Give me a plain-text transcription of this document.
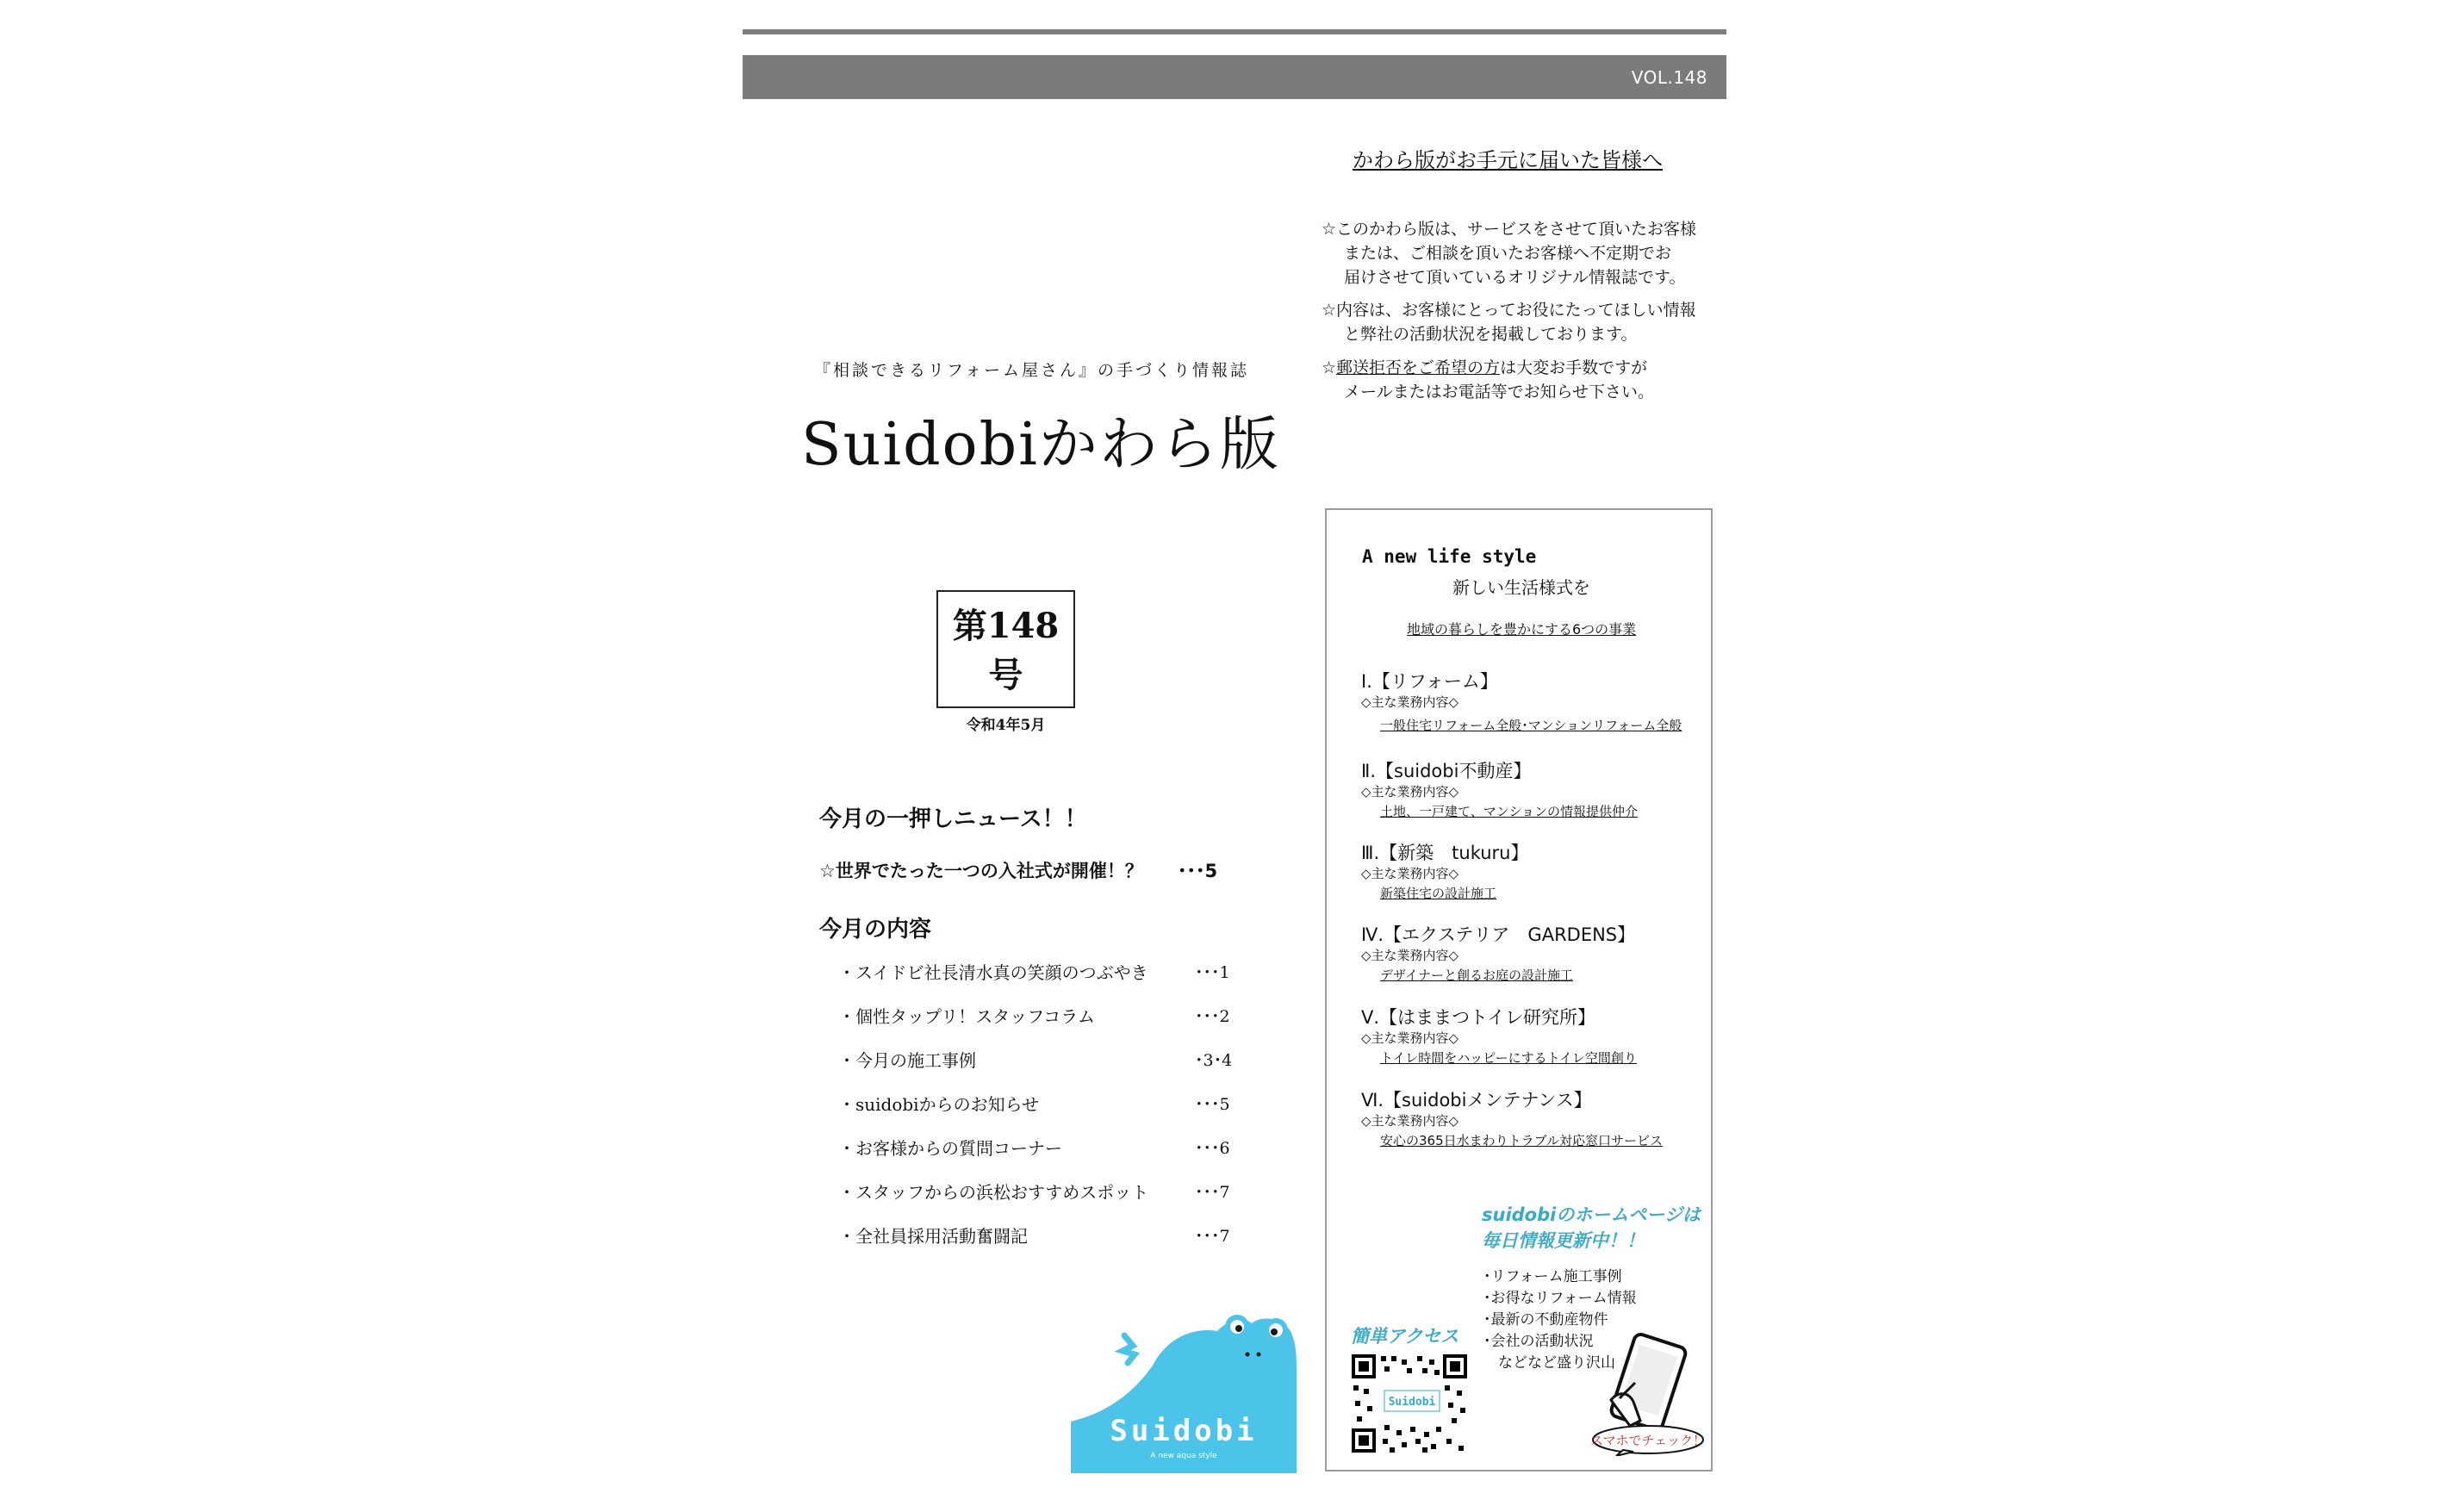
VOL.148
かわら版がお手元に届いた皆様へ
☆このかわら版は、サービスをさせて頂いたお客様
または、ご相談を頂いたお客様へ不定期でお
届けさせて頂いているオリジナル情報誌です。
☆内容は、お客様にとってお役にたってほしい情報
と弊社の活動状況を掲載しております。
☆郵送拒否をご希望の方は大変お手数ですが
メールまたはお電話等でお知らせ下さい。
『相談できるリフォーム屋さん』の手づくり情報誌
Suidobiかわら版
第148号
令和4年5月
今月の一押しニュース！！
☆世界でたった一つの入社式が開催！？ ･･･5
今月の内容
・スイドビ社長清水真の笑顔のつぶやき	･･･1
・個性タップリ！スタッフコラム	･･･2
・今月の施工事例	･3･4
・suidobiからのお知らせ	･･･5
・お客様からの質問コーナー	･･･6
・スタッフからの浜松おすすめスポット	･･･7
・全社員採用活動奮闘記	･･･7
Suidobi
A new aqua style
A new life style
新しい生活様式を
地域の暮らしを豊かにする6つの事業
Ⅰ.【リフォーム】
◇主な業務内容◇
一般住宅リフォーム全般･マンションリフォーム全般
Ⅱ.【suidobi不動産】
◇主な業務内容◇
土地、一戸建て、マンションの情報提供仲介
Ⅲ.【新築　tukuru】
◇主な業務内容◇
新築住宅の設計施工
Ⅳ.【エクステリア　GARDENS】
◇主な業務内容◇
デザイナーと創るお庭の設計施工
Ⅴ.【はままつトイレ研究所】
◇主な業務内容◇
トイレ時間をハッピーにするトイレ空間創り
Ⅵ.【suidobiメンテナンス】
◇主な業務内容◇
安心の365日水まわりトラブル対応窓口サービス
suidobiのホームページは
毎日情報更新中！！
･リフォーム施工事例
･お得なリフォーム情報
･最新の不動産物件
･会社の活動状況
　などなど盛り沢山
簡単アクセス
Suidobi
スマホでチェック！
